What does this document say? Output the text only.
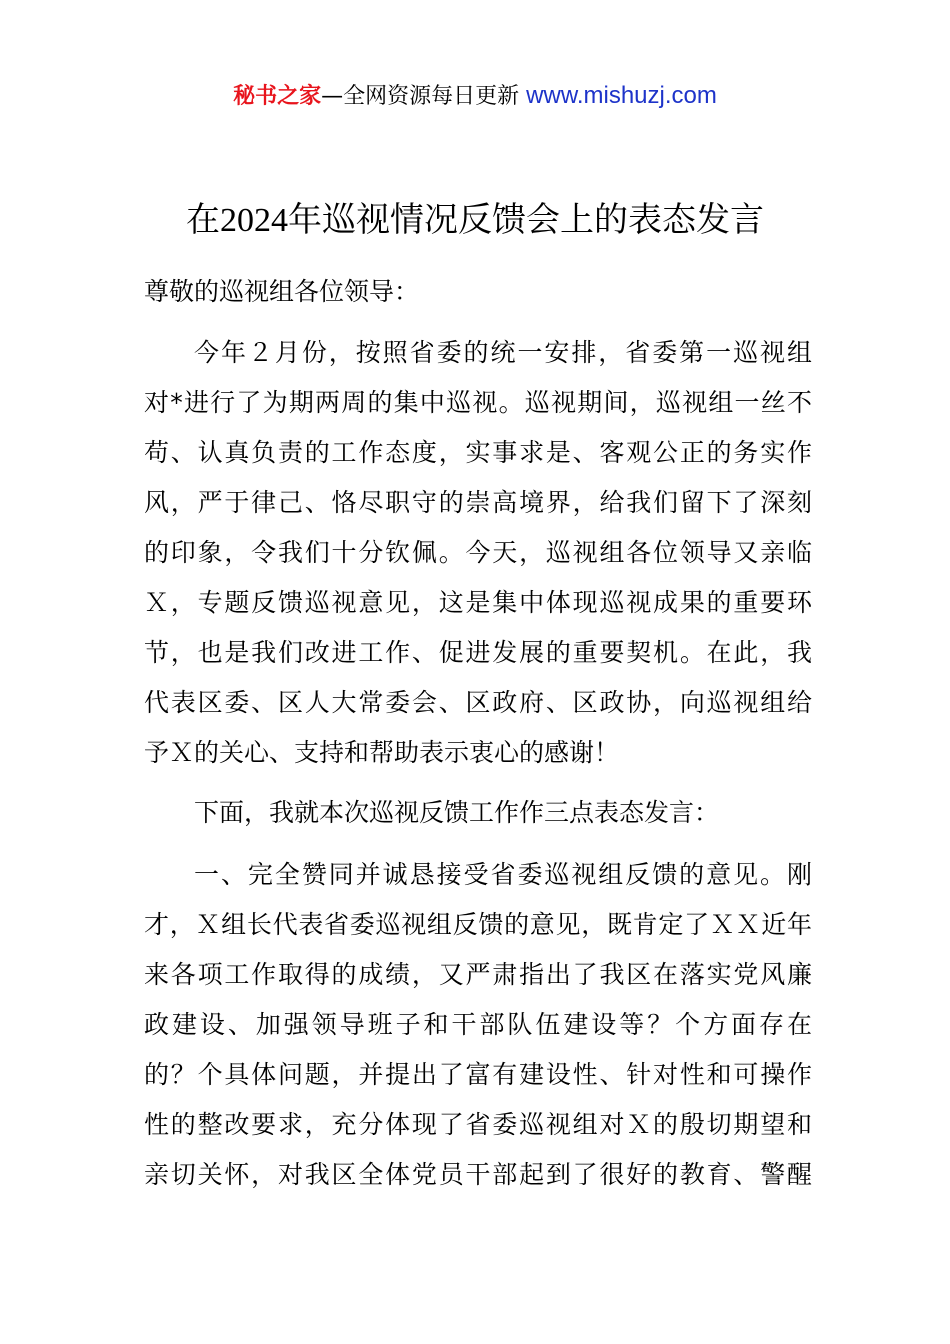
秘书之家—全网资源每日更新 www.mishuzj.com
在2024年巡视情况反馈会上的表态发言
尊敬的巡视组各位领导：
今年２月份，按照省委的统一安排，省委第一巡视组
对*进行了为期两周的集中巡视。巡视期间，巡视组一丝不
苟、认真负责的工作态度，实事求是、客观公正的务实作
风，严于律己、恪尽职守的崇高境界，给我们留下了深刻
的印象，令我们十分钦佩。今天，巡视组各位领导又亲临
Ｘ，专题反馈巡视意见，这是集中体现巡视成果的重要环
节，也是我们改进工作、促进发展的重要契机。在此，我
代表区委、区人大常委会、区政府、区政协，向巡视组给
予Ｘ的关心、支持和帮助表示衷心的感谢！
下面，我就本次巡视反馈工作作三点表态发言：
一、完全赞同并诚恳接受省委巡视组反馈的意见。刚
才，Ｘ组长代表省委巡视组反馈的意见，既肯定了ＸＸ近年
来各项工作取得的成绩，又严肃指出了我区在落实党风廉
政建设、加强领导班子和干部队伍建设等？个方面存在
的？个具体问题，并提出了富有建设性、针对性和可操作
性的整改要求，充分体现了省委巡视组对Ｘ的殷切期望和
亲切关怀，对我区全体党员干部起到了很好的教育、警醒
